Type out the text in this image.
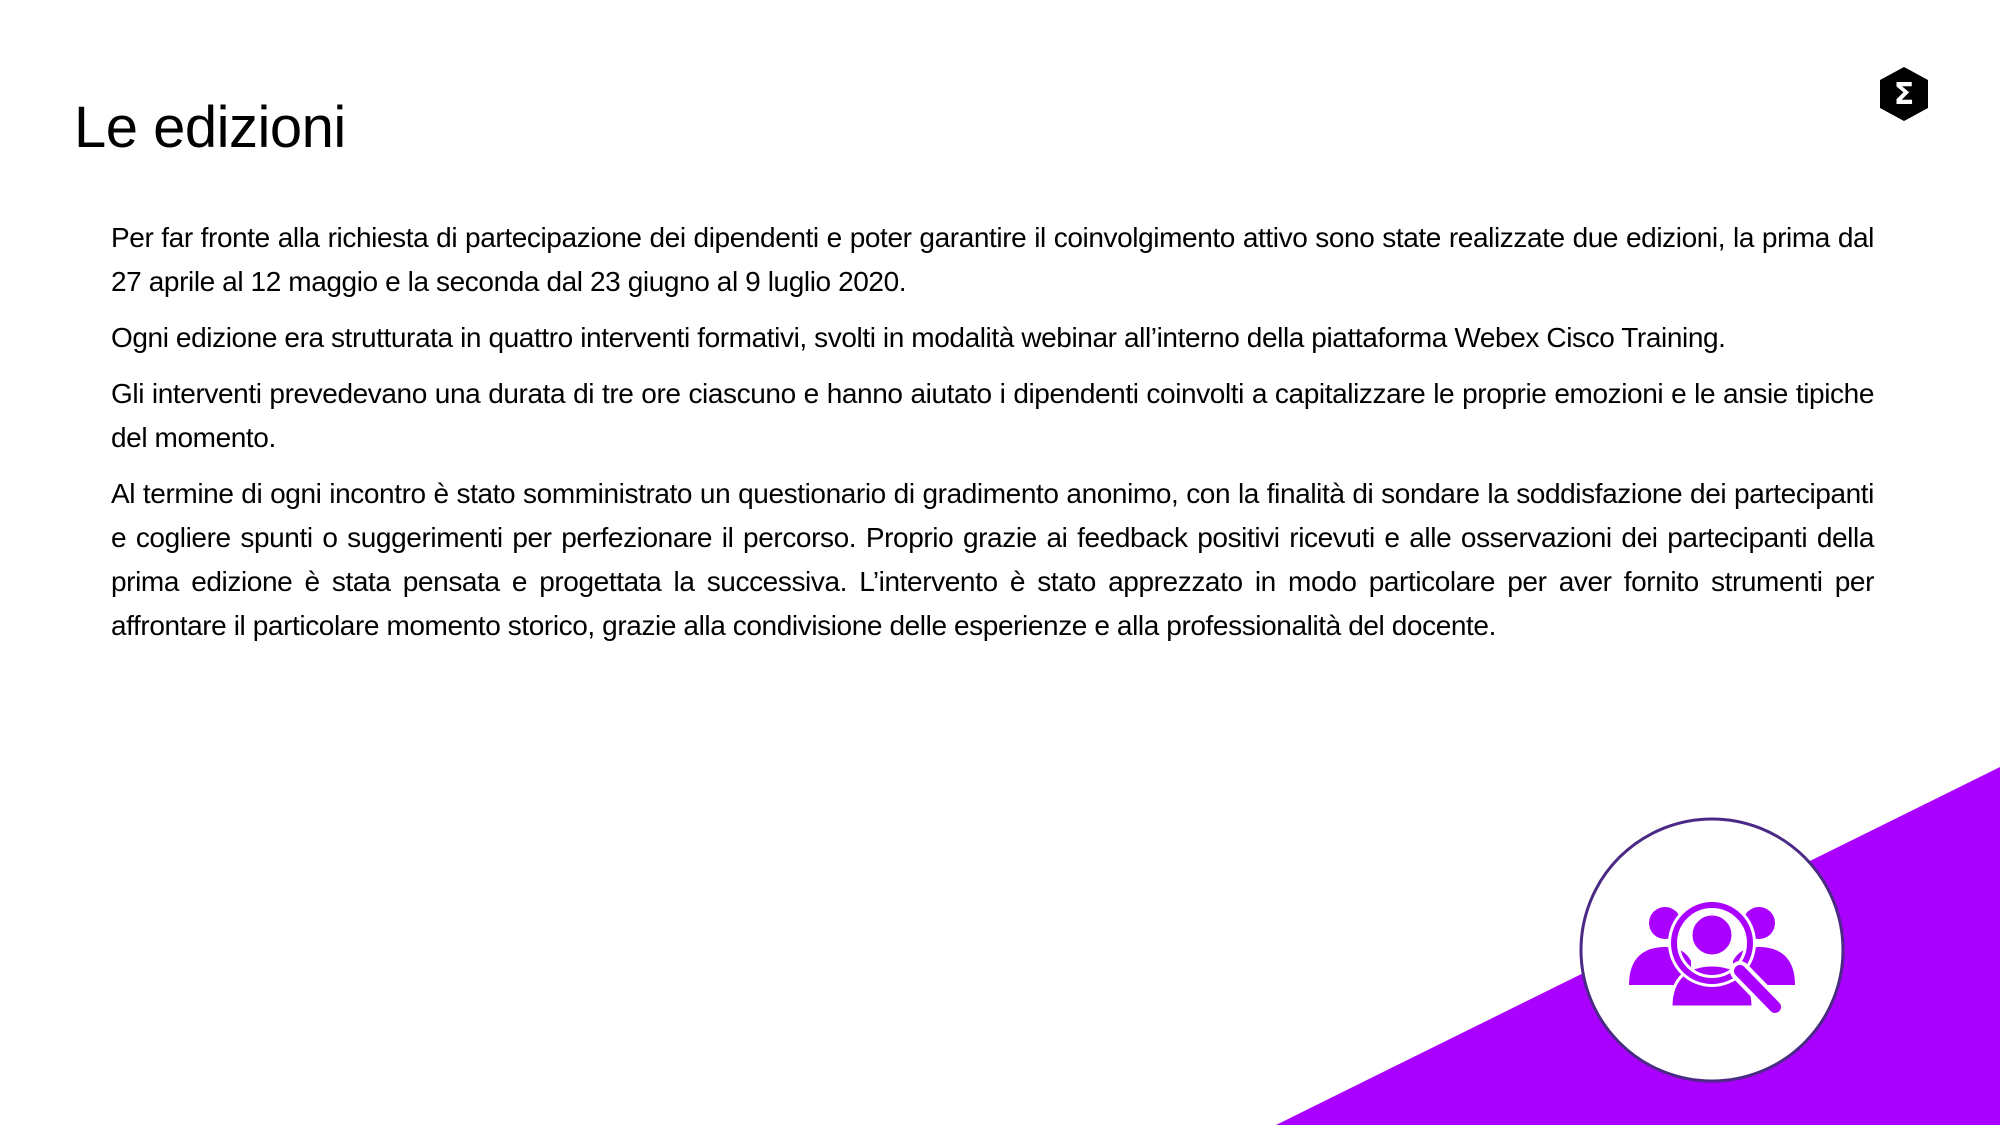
Le edizioni
Σ

Per far fronte alla richiesta di partecipazione dei dipendenti e poter garantire il coinvolgimento attivo sono state realizzate due edizioni, la prima dal 27 aprile al 12 maggio e la seconda dal 23 giugno al 9 luglio 2020.

Ogni edizione era strutturata in quattro interventi formativi, svolti in modalità webinar all’interno della piattaforma Webex Cisco Training.

Gli interventi prevedevano una durata di tre ore ciascuno e hanno aiutato i dipendenti coinvolti a capitalizzare le proprie emozioni e le ansie tipiche del momento.

Al termine di ogni incontro è stato somministrato un questionario di gradimento anonimo, con la finalità di sondare la soddisfazione dei partecipanti e cogliere spunti o suggerimenti per perfezionare il percorso. Proprio grazie ai feedback positivi ricevuti e alle osservazioni dei partecipanti della prima edizione è stata pensata e progettata la successiva. L’intervento è stato apprezzato in modo particolare per aver fornito strumenti per affrontare il particolare momento storico, grazie alla condivisione delle esperienze e alla professionalità del docente.
